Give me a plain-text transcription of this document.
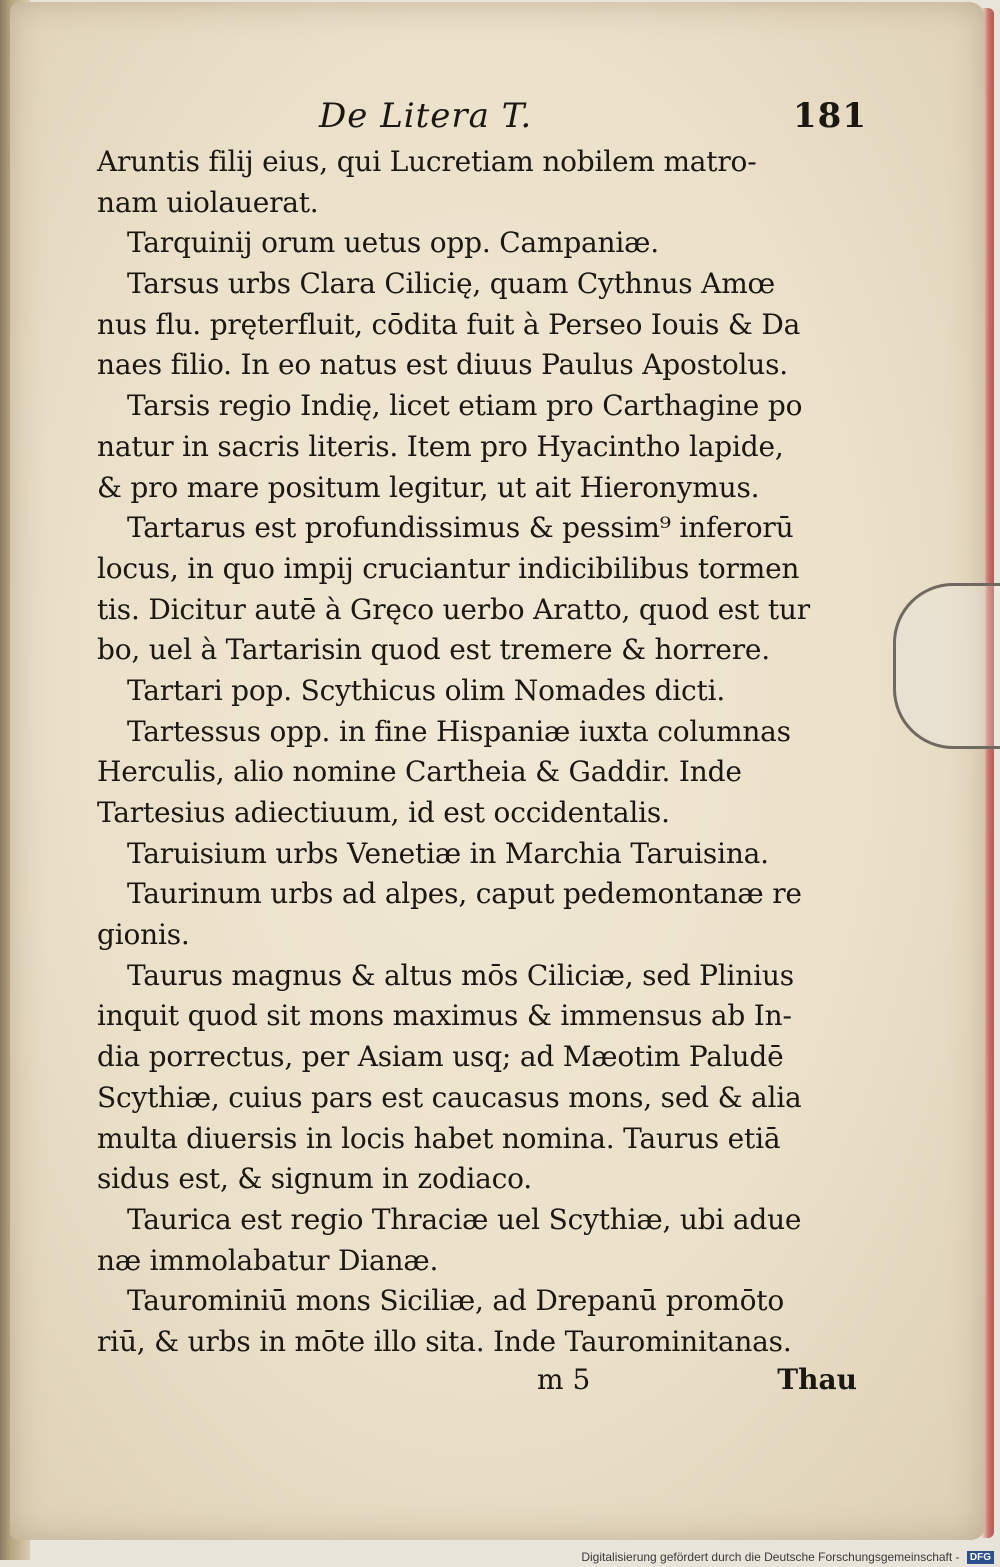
De Litera T.	181
Aruntis filij eius, qui Lucretiam nobilem matro-
nam uiolauerat.
Tarquinij orum uetus opp. Campaniæ.
Tarsus urbs Clara Cilicię, quam Cythnus Amœ
nus flu. pręterfluit, cōdita fuit à Perseo Iouis & Da
naes filio. In eo natus est diuus Paulus Apostolus.
Tarsis regio Indię, licet etiam pro Carthagine po
natur in sacris literis. Item pro Hyacintho lapide,
& pro mare positum legitur, ut ait Hieronymus.
Tartarus est profundissimus & pessim⁹ inferorū
locus, in quo impij cruciantur indicibilibus tormen
tis. Dicitur autē à Gręco uerbo Aratto, quod est tur
bo, uel à Tartarisin quod est tremere & horrere.
Tartari pop. Scythicus olim Nomades dicti.
Tartessus opp. in fine Hispaniæ iuxta columnas
Herculis, alio nomine Cartheia & Gaddir. Inde
Tartesius adiectiuum, id est occidentalis.
Taruisium urbs Venetiæ in Marchia Taruisina.
Taurinum urbs ad alpes, caput pedemontanæ re
gionis.
Taurus magnus & altus mōs Ciliciæ, sed Plinius
inquit quod sit mons maximus & immensus ab In-
dia porrectus, per Asiam usq; ad Mæotim Paludē
Scythiæ, cuius pars est caucasus mons, sed & alia
multa diuersis in locis habet nomina. Taurus etiā
sidus est, & signum in zodiaco.
Taurica est regio Thraciæ uel Scythiæ, ubi adue
næ immolabatur Dianæ.
Taurominiū mons Siciliæ, ad Drepanū promōto
riū, & urbs in mōte illo sita. Inde Taurominitanas.
m 5	Thau
Digitalisierung gefördert durch die Deutsche Forschungsgemeinschaft - DFG
